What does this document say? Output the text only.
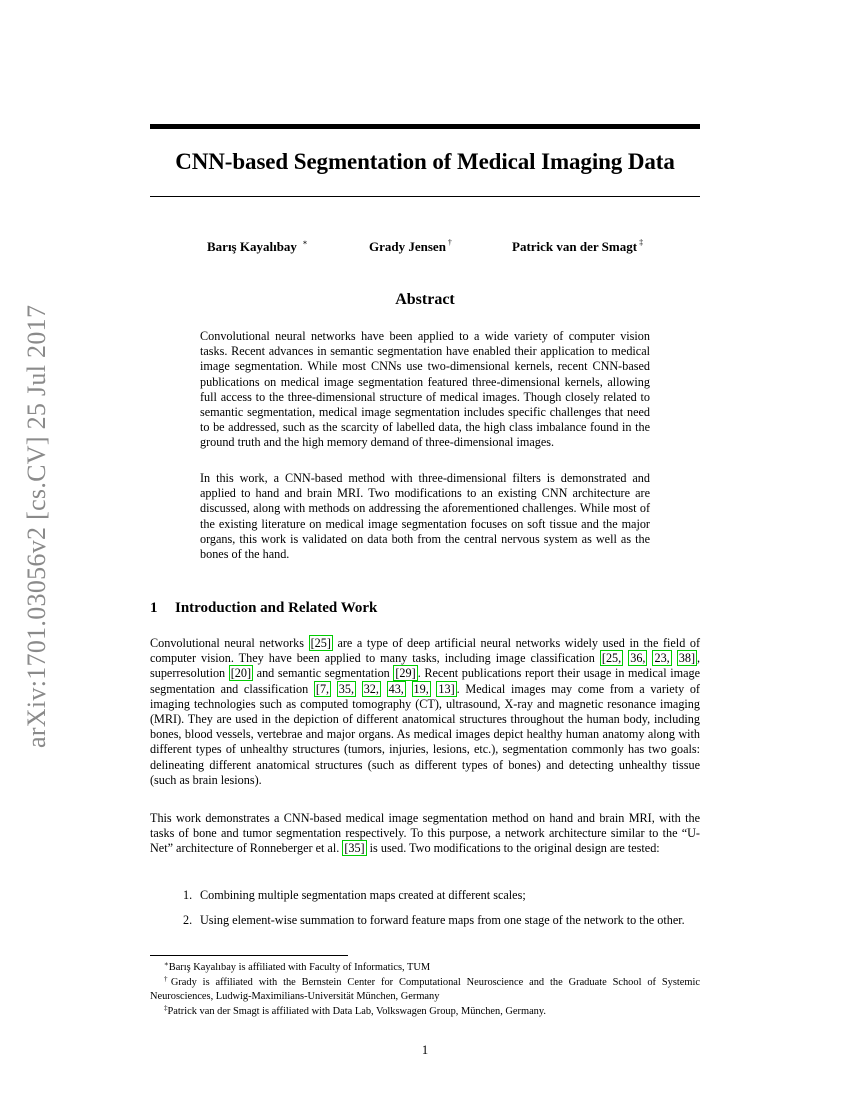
arXiv:1701.03056v2 [cs.CV] 25 Jul 2017
CNN-based Segmentation of Medical Imaging Data
Barış Kayalıbay ∗	Grady Jensen †	Patrick van der Smagt ‡
Abstract
Convolutional neural networks have been applied to a wide variety of computer vision tasks. Recent advances in semantic segmentation have enabled their application to medical image segmentation. While most CNNs use two-dimensional kernels, recent CNN-based publications on medical image segmentation featured three-dimensional kernels, allowing full access to the three-dimensional structure of medical images. Though closely related to semantic segmentation, medical image segmentation includes specific challenges that need to be addressed, such as the scarcity of labelled data, the high class imbalance found in the ground truth and the high memory demand of three-dimensional images.
In this work, a CNN-based method with three-dimensional filters is demonstrated and applied to hand and brain MRI. Two modifications to an existing CNN architecture are discussed, along with methods on addressing the aforementioned challenges. While most of the existing literature on medical image segmentation focuses on soft tissue and the major organs, this work is validated on data both from the central nervous system as well as the bones of the hand.
1 Introduction and Related Work
Convolutional neural networks [25] are a type of deep artificial neural networks widely used in the field of computer vision. They have been applied to many tasks, including image classification [25, 36, 23, 38] , superresolution [20] and semantic segmentation [29] . Recent publications report their usage in medical image segmentation and classification [7, 35, 32, 43, 19, 13] . Medical images may come from a variety of imaging technologies such as computed tomography (CT), ultrasound, X-ray and magnetic resonance imaging (MRI). They are used in the depiction of different anatomical structures throughout the human body, including bones, blood vessels, vertebrae and major organs. As medical images depict healthy human anatomy along with different types of unhealthy structures (tumors, injuries, lesions, etc.), segmentation commonly has two goals: delineating different anatomical structures (such as different types of bones) and detecting unhealthy tissue (such as brain lesions).
This work demonstrates a CNN-based medical image segmentation method on hand and brain MRI, with the tasks of bone and tumor segmentation respectively. To this purpose, a network architecture similar to the “U-Net” architecture of Ronneberger et al. [35] is used. Two modifications to the original design are tested:
1. Combining multiple segmentation maps created at different scales;
2. Using element-wise summation to forward feature maps from one stage of the network to the other.
∗Barış Kayalıbay is affiliated with Faculty of Informatics, TUM
†Grady is affiliated with the Bernstein Center for Computational Neuroscience and the Graduate School of Systemic Neurosciences, Ludwig-Maximilians-Universität München, Germany
‡Patrick van der Smagt is affiliated with Data Lab, Volkswagen Group, München, Germany.
1
